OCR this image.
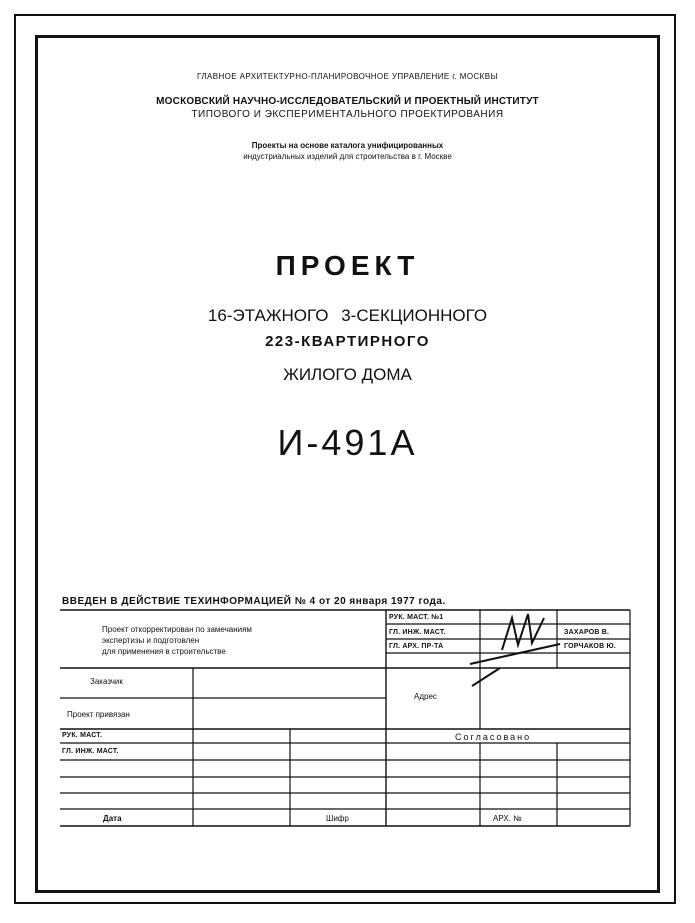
ГЛАВНОЕ АРХИТЕКТУРНО-ПЛАНИРОВОЧНОЕ УПРАВЛЕНИЕ г. МОСКВЫ
МОСКОВСКИЙ НАУЧНО-ИССЛЕДОВАТЕЛЬСКИЙ И ПРОЕКТНЫЙ ИНСТИТУТ
ТИПОВОГО И ЭКСПЕРИМЕНТАЛЬНОГО ПРОЕКТИРОВАНИЯ
Проекты на основе каталога унифицированных
индустриальных изделий для строительства в г. Москве
ПРОЕКТ
16-ЭТАЖНОГО 3-СЕКЦИОННОГО
223-КВАРТИРНОГО
ЖИЛОГО ДОМА
И-491А
ВВЕДЕН В ДЕЙСТВИЕ ТЕХИНФОРМАЦИЕЙ № 4 от 20 января 1977 года.
Проект откорректирован по замечаниям
экспертизы и подготовлен
для применения в строительстве
РУК. МАСТ. №1
ГЛ. ИНЖ. МАСТ.
ГЛ. АРХ. ПР-ТА
ЗАХАРОВ В.
ГОРЧАКОВ Ю.
Заказчик
Проект привязан
Адрес
РУК. МАСТ.
ГЛ. ИНЖ. МАСТ.
Согласовано
Дата	Шифр	АРХ. №
